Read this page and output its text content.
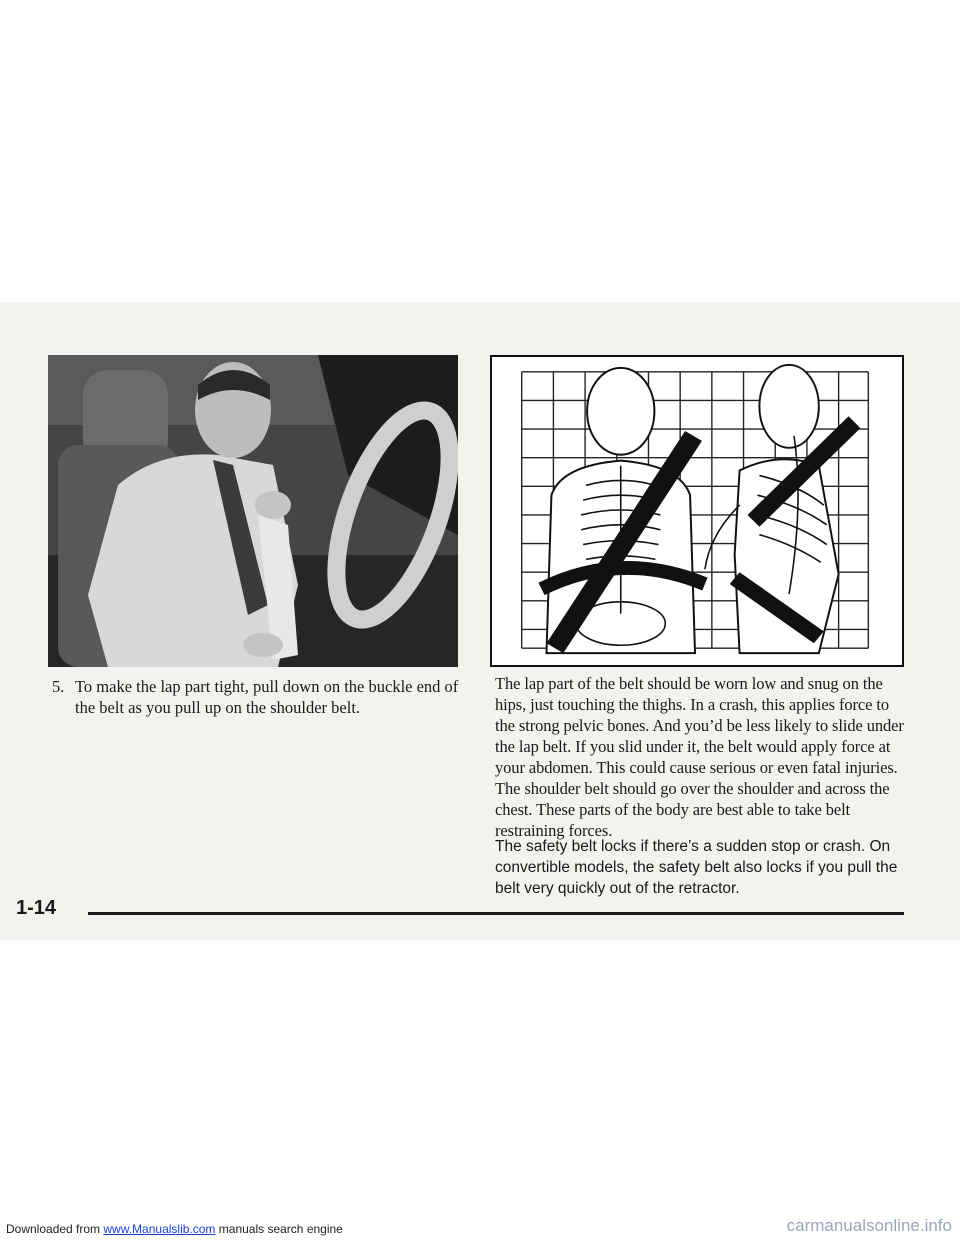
5. To make the lap part tight, pull down on the buckle end of the belt as you pull up on the shoulder belt.
The lap part of the belt should be worn low and snug on the hips, just touching the thighs. In a crash, this applies force to the strong pelvic bones. And you’d be less likely to slide under the lap belt. If you slid under it, the belt would apply force at your abdomen. This could cause serious or even fatal injuries. The shoulder belt should go over the shoulder and across the chest. These parts of the body are best able to take belt restraining forces.
The safety belt locks if there’s a sudden stop or crash. On convertible models, the safety belt also locks if you pull the belt very quickly out of the retractor.
1-14
Downloaded from www.Manualslib.com manuals search engine	carmanualsonline.info
